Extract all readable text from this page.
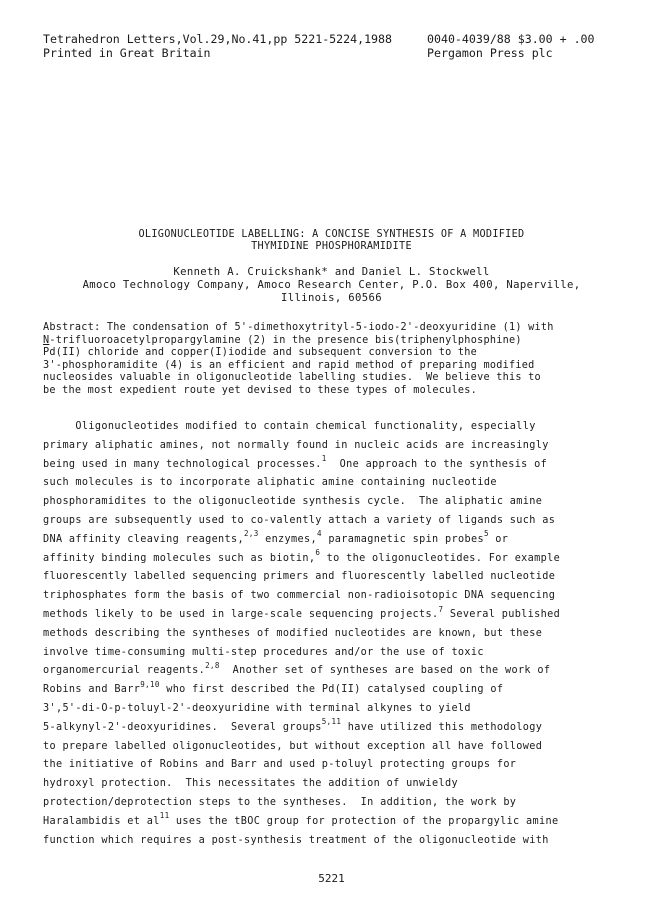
Tetrahedron Letters,Vol.29,No.41,pp 5221-5224,1988
Printed in Great Britain
0040-4039/88 $3.00 + .00
Pergamon Press plc
OLIGONUCLEOTIDE LABELLING: A CONCISE SYNTHESIS OF A MODIFIED
THYMIDINE PHOSPHORAMIDITE
Kenneth A. Cruickshank* and Daniel L. Stockwell
Amoco Technology Company, Amoco Research Center, P.O. Box 400, Naperville,
Illinois, 60566
Abstract: The condensation of 5'-dimethoxytrityl-5-iodo-2'-deoxyuridine (1) with
N-trifluoroacetylpropargylamine (2) in the presence bis(triphenylphosphine)
Pd(II) chloride and copper(I)iodide and subsequent conversion to the
3'-phosphoramidite (4) is an efficient and rapid method of preparing modified
nucleosides valuable in oligonucleotide labelling studies.  We believe this to
be the most expedient route yet devised to these types of molecules.
Oligonucleotides modified to contain chemical functionality, especially
primary aliphatic amines, not normally found in nucleic acids are increasingly
being used in many technological processes.$^1$  One approach to the synthesis of
such molecules is to incorporate aliphatic amine containing nucleotide
phosphoramidites to the oligonucleotide synthesis cycle.  The aliphatic amine
groups are subsequently used to co-valently attach a variety of ligands such as
DNA affinity cleaving reagents,$^{2,3}$ enzymes,$^4$ paramagnetic spin probes$^5$ or
affinity binding molecules such as biotin,$^6$ to the oligonucleotides. For example
fluorescently labelled sequencing primers and fluorescently labelled nucleotide
triphosphates form the basis of two commercial non-radioisotopic DNA sequencing
methods likely to be used in large-scale sequencing projects.$^7$ Several published
methods describing the syntheses of modified nucleotides are known, but these
involve time-consuming multi-step procedures and/or the use of toxic
organomercurial reagents.$^{2,8}$  Another set of syntheses are based on the work of
Robins and Barr$^{9,10}$ who first described the Pd(II) catalysed coupling of
3',5'-di-O-p-toluyl-2'-deoxyuridine with terminal alkynes to yield
5-alkynyl-2'-deoxyuridines.  Several groups$^{5,11}$ have utilized this methodology
to prepare labelled oligonucleotides, but without exception all have followed
the initiative of Robins and Barr and used p-toluyl protecting groups for
hydroxyl protection.  This necessitates the addition of unwieldy
protection/deprotection steps to the syntheses.  In addition, the work by
Haralambidis et $al^{11}$ uses the tBOC group for protection of the propargylic amine
function which requires a post-synthesis treatment of the oligonucleotide with
5221
